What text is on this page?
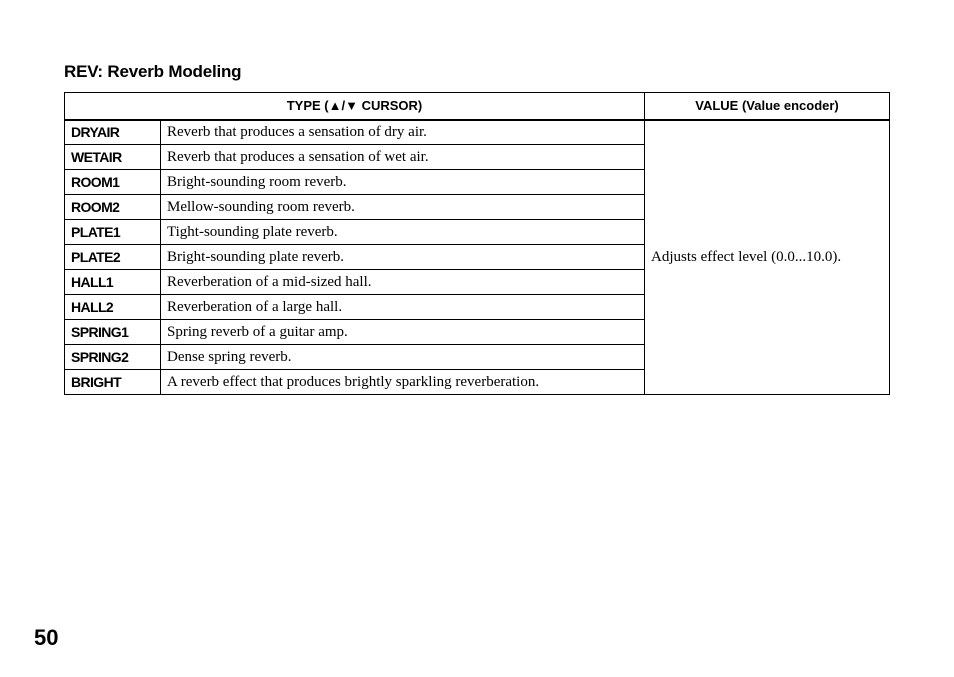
REV: Reverb Modeling
TYPE (▲/▼ CURSOR)		VALUE (Value encoder)
DRYAIR	Reverb that produces a sensation of dry air.	Adjusts effect level (0.0...10.0).
WETAIR	Reverb that produces a sensation of wet air.	
ROOM1	Bright-sounding room reverb.	
ROOM2	Mellow-sounding room reverb.	
PLATE1	Tight-sounding plate reverb.	
PLATE2	Bright-sounding plate reverb.	
HALL1	Reverberation of a mid-sized hall.	
HALL2	Reverberation of a large hall.	
SPRING1	Spring reverb of a guitar amp.	
SPRING2	Dense spring reverb.	
BRIGHT	A reverb effect that produces brightly sparkling reverberation.	
50
